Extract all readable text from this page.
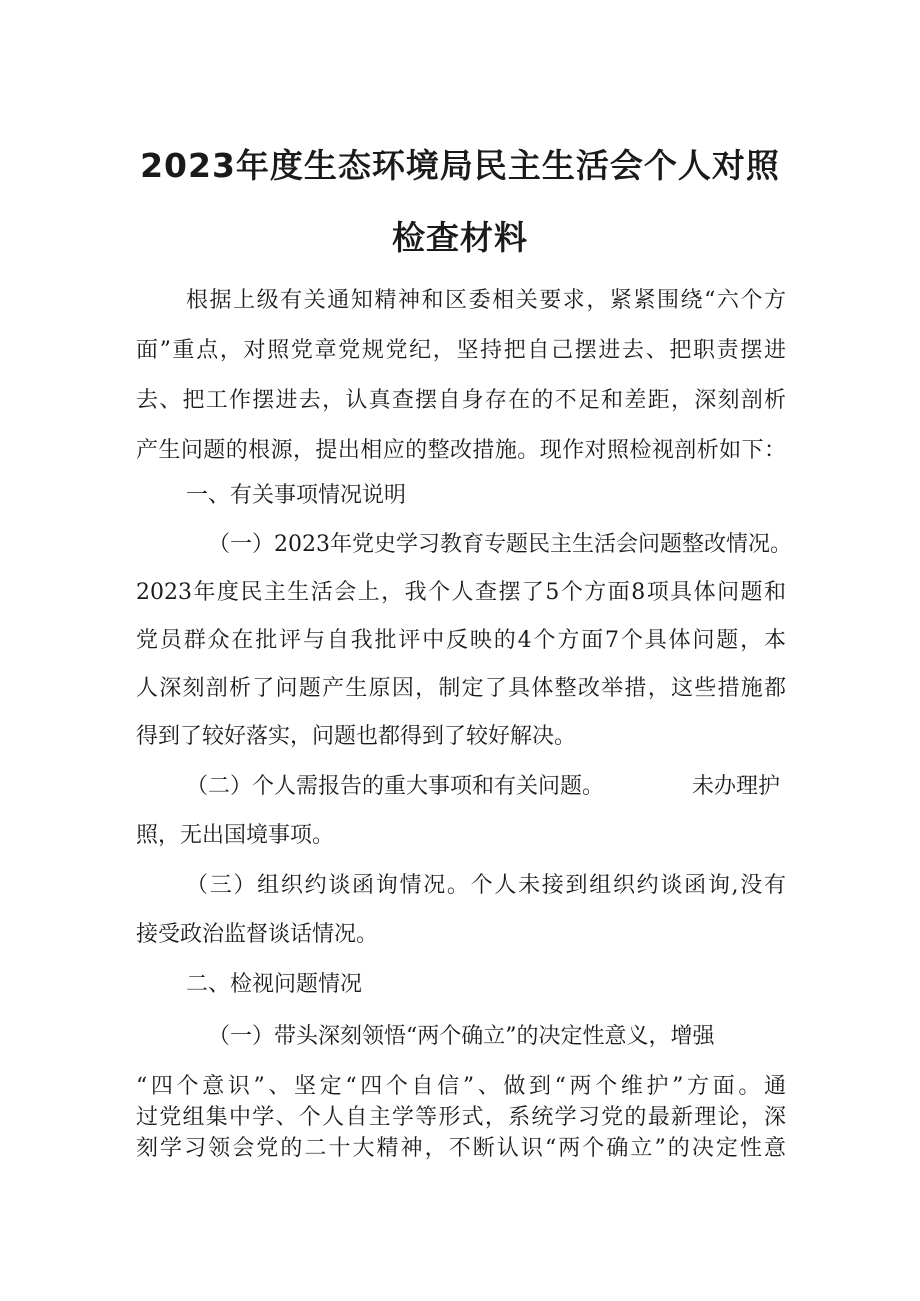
2023年度生态环境局民主生活会个人对照
检查材料
根据上级有关通知精神和区委相关要求，紧紧围绕“六个方
面”重点，对照党章党规党纪，坚持把自己摆进去、把职责摆进
去、把工作摆进去，认真查摆自身存在的不足和差距，深刻剖析
产生问题的根源，提出相应的整改措施。现作对照检视剖析如下：
一、有关事项情况说明
（一）2023年党史学习教育专题民主生活会问题整改情况。
2023年度民主生活会上，我个人查摆了5个方面8项具体问题和
党员群众在批评与自我批评中反映的4个方面7个具体问题，本
人深刻剖析了问题产生原因，制定了具体整改举措，这些措施都
得到了较好落实，问题也都得到了较好解决。
（二）个人需报告的重大事项和有关问题。	未办理护
照，无出国境事项。
（三）组织约谈函询情况。个人未接到组织约谈函询,没有
接受政治监督谈话情况。
二、检视问题情况
（一）带头深刻领悟“两个确立”的决定性意义，增强
“四个意识”、坚定“四个自信”、做到“两个维护”方面。通
过党组集中学、个人自主学等形式，系统学习党的最新理论，深
刻学习领会党的二十大精神，不断认识“两个确立”的决定性意
